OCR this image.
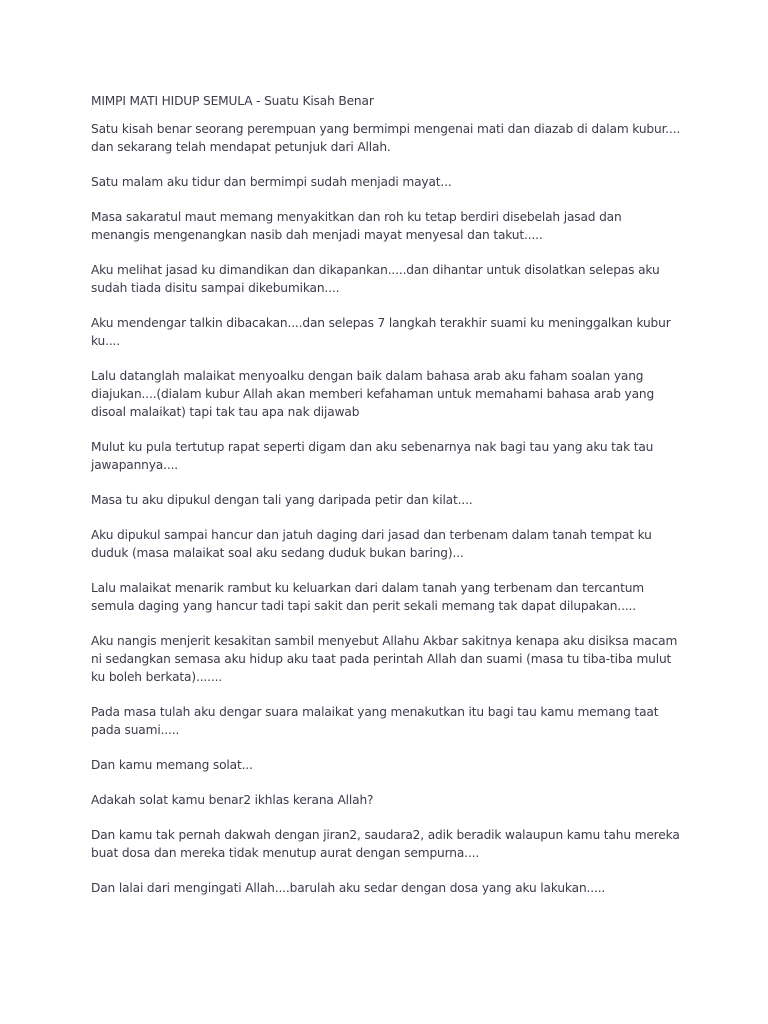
MIMPI MATI HIDUP SEMULA - Suatu Kisah Benar

Satu kisah benar seorang perempuan yang bermimpi mengenai mati dan diazab di dalam kubur.... dan sekarang telah mendapat petunjuk dari Allah.

Satu malam aku tidur dan bermimpi sudah menjadi mayat...

Masa sakaratul maut memang menyakitkan dan roh ku tetap berdiri disebelah jasad dan menangis mengenangkan nasib dah menjadi mayat menyesal dan takut.....

Aku melihat jasad ku dimandikan dan dikapankan.....dan dihantar untuk disolatkan selepas aku sudah tiada disitu sampai dikebumikan....

Aku mendengar talkin dibacakan....dan selepas 7 langkah terakhir suami ku meninggalkan kubur ku....

Lalu datanglah malaikat menyoalku dengan baik dalam bahasa arab aku faham soalan yang diajukan....(dialam kubur Allah akan memberi kefahaman untuk memahami bahasa arab yang disoal malaikat) tapi tak tau apa nak dijawab

Mulut ku pula tertutup rapat seperti digam dan aku sebenarnya nak bagi tau yang aku tak tau jawapannya....

Masa tu aku dipukul dengan tali yang daripada petir dan kilat....

Aku dipukul sampai hancur dan jatuh daging dari jasad dan terbenam dalam tanah tempat ku duduk (masa malaikat soal aku sedang duduk bukan baring)...

Lalu malaikat menarik rambut ku keluarkan dari dalam tanah yang terbenam dan tercantum semula daging yang hancur tadi tapi sakit dan perit sekali memang tak dapat dilupakan.....

Aku nangis menjerit kesakitan sambil menyebut Allahu Akbar sakitnya kenapa aku disiksa macam ni sedangkan semasa aku hidup aku taat pada perintah Allah dan suami (masa tu tiba-tiba mulut ku boleh berkata).......

Pada masa tulah aku dengar suara malaikat yang menakutkan itu bagi tau kamu memang taat pada suami.....

Dan kamu memang solat...

Adakah solat kamu benar2 ikhlas kerana Allah?

Dan kamu tak pernah dakwah dengan jiran2, saudara2, adik beradik walaupun kamu tahu mereka buat dosa dan mereka tidak menutup aurat dengan sempurna....

Dan lalai dari mengingati Allah....barulah aku sedar dengan dosa yang aku lakukan.....
